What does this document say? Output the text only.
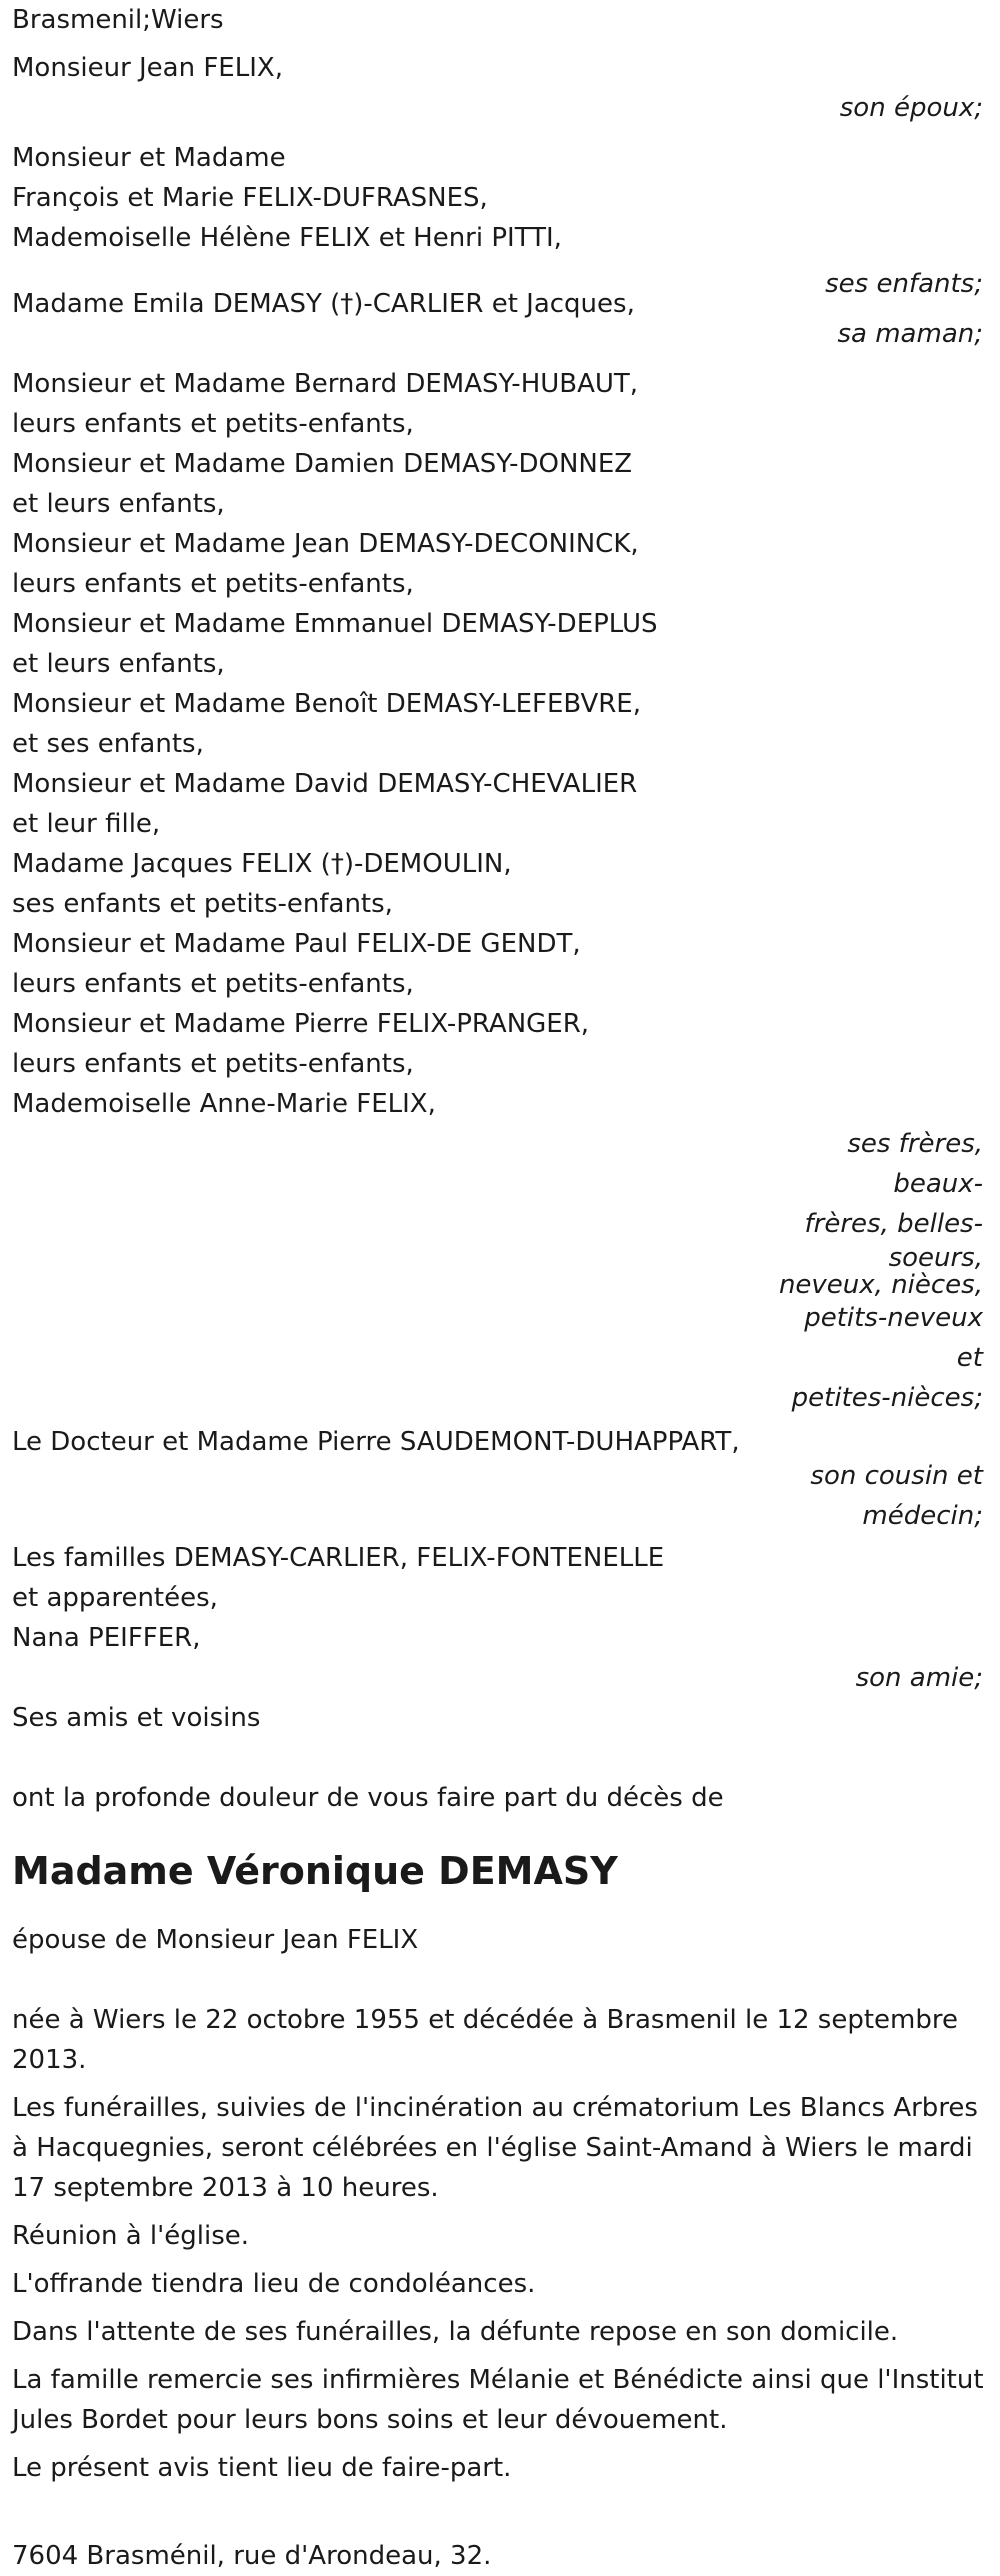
Brasmenil;Wiers
Monsieur Jean FELIX,
son époux;
Monsieur et Madame
François et Marie FELIX-DUFRASNES,
Mademoiselle Hélène FELIX et Henri PITTI,
ses enfants;
Madame Emila DEMASY (†)-CARLIER et Jacques,
sa maman;
Monsieur et Madame Bernard DEMASY-HUBAUT,
leurs enfants et petits-enfants,
Monsieur et Madame Damien DEMASY-DONNEZ
et leurs enfants,
Monsieur et Madame Jean DEMASY-DECONINCK,
leurs enfants et petits-enfants,
Monsieur et Madame Emmanuel DEMASY-DEPLUS
et leurs enfants,
Monsieur et Madame Benoît DEMASY-LEFEBVRE,
et ses enfants,
Monsieur et Madame David DEMASY-CHEVALIER
et leur fille,
Madame Jacques FELIX (†)-DEMOULIN,
ses enfants et petits-enfants,
Monsieur et Madame Paul FELIX-DE GENDT,
leurs enfants et petits-enfants,
Monsieur et Madame Pierre FELIX-PRANGER,
leurs enfants et petits-enfants,
Mademoiselle Anne-Marie FELIX,
ses frères, beaux-
frères, belles-
soeurs,
neveux, nièces,
petits-neveux et
petites-nièces;
Le Docteur et Madame Pierre SAUDEMONT-DUHAPPART,
son cousin et
médecin;
Les familles DEMASY-CARLIER, FELIX-FONTENELLE
et apparentées,
Nana PEIFFER,
son amie;
Ses amis et voisins
ont la profonde douleur de vous faire part du décès de
Madame Véronique DEMASY
épouse de Monsieur Jean FELIX

née à Wiers le 22 octobre 1955 et décédée à Brasmenil le 12 septembre 2013.

Les funérailles, suivies de l'incinération au crématorium Les Blancs Arbres à Hacquegnies, seront célébrées en l'église Saint-Amand à Wiers le mardi 17 septembre 2013 à 10 heures.

Réunion à l'église.

L'offrande tiendra lieu de condoléances.

Dans l'attente de ses funérailles, la défunte repose en son domicile.

La famille remercie ses infirmières Mélanie et Bénédicte ainsi que l'Institut Jules Bordet pour leurs bons soins et leur dévouement.

Le présent avis tient lieu de faire-part.

7604 Brasménil, rue d'Arondeau, 32.
